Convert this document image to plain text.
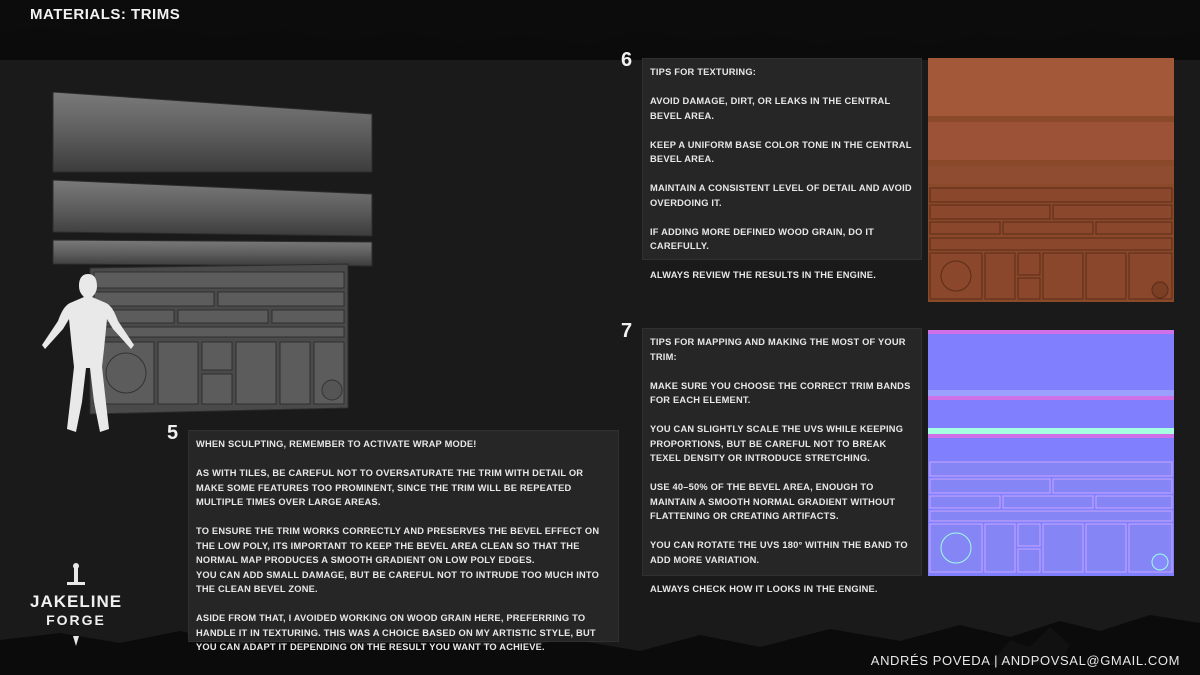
MATERIALS: TRIMS
6

TIPS FOR TEXTURING:

AVOID DAMAGE, DIRT, OR LEAKS IN THE CENTRAL BEVEL AREA.

KEEP A UNIFORM BASE COLOR TONE IN THE CENTRAL BEVEL AREA.

MAINTAIN A CONSISTENT LEVEL OF DETAIL AND AVOID OVERDOING IT.

IF ADDING MORE DEFINED WOOD GRAIN, DO IT CAREFULLY.

ALWAYS REVIEW THE RESULTS IN THE ENGINE.

7 TIPS FOR MAPPING AND MAKING THE MOST OF YOUR TRIM:

MAKE SURE YOU CHOOSE THE CORRECT TRIM BANDS FOR EACH ELEMENT.

YOU CAN SLIGHTLY SCALE THE UVS WHILE KEEPING PROPORTIONS, BUT BE CAREFUL NOT TO BREAK TEXEL DENSITY OR INTRODUCE STRETCHING.

USE 40–50% OF THE BEVEL AREA, ENOUGH TO MAINTAIN A SMOOTH NORMAL GRADIENT WITHOUT FLATTENING OR CREATING ARTIFACTS.

YOU CAN ROTATE THE UVS 180° WITHIN THE BAND TO ADD MORE VARIATION.

ALWAYS CHECK HOW IT LOOKS IN THE ENGINE.

5 WHEN SCULPTING, REMEMBER TO ACTIVATE WRAP MODE!

AS WITH TILES, BE CAREFUL NOT TO OVERSATURATE THE TRIM WITH DETAIL OR MAKE SOME FEATURES TOO PROMINENT, SINCE THE TRIM WILL BE REPEATED MULTIPLE TIMES OVER LARGE AREAS.

TO ENSURE THE TRIM WORKS CORRECTLY AND PRESERVES THE BEVEL EFFECT ON THE LOW POLY, ITS IMPORTANT TO KEEP THE BEVEL AREA CLEAN SO THAT THE NORMAL MAP PRODUCES A SMOOTH GRADIENT ON LOW POLY EDGES.
YOU CAN ADD SMALL DAMAGE, BUT BE CAREFUL NOT TO INTRUDE TOO MUCH INTO THE CLEAN BEVEL ZONE.

ASIDE FROM THAT, I AVOIDED WORKING ON WOOD GRAIN HERE, PREFERRING TO HANDLE IT IN TEXTURING. THIS WAS A CHOICE BASED ON MY ARTISTIC STYLE, BUT YOU CAN ADAPT IT DEPENDING ON THE RESULT YOU WANT TO ACHIEVE.

JAKELINE
FORGE
ANDRÉS POVEDA | ANDPOVSAL@GMAIL.COM
